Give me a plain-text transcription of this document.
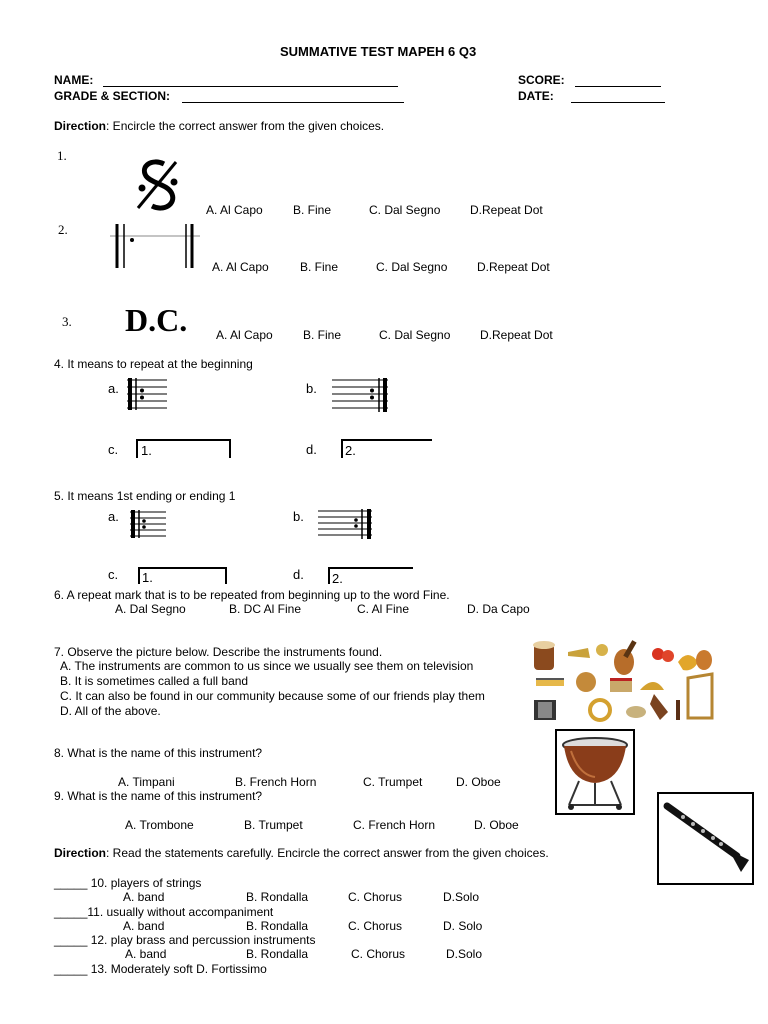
SUMMATIVE TEST MAPEH 6 Q3
NAME:	SCORE:
GRADE & SECTION:	DATE:
Direction: Encircle the correct answer from the given choices.
1.
A. Al Capo	B. Fine	C. Dal Segno D.Repeat Dot
2.
A. Al Capo	B. Fine	C. Dal Segno D.Repeat Dot
3. D.C. A. Al Capo	B. Fine	C. Dal Segno D.Repeat Dot
4. It means to repeat at the beginning
a.	b.
c. 1.	d. 2.
5. It means 1st ending or ending 1
a.	b.
c. 1.	d. 2.
6. A repeat mark that is to be repeated from beginning up to the word Fine.
A. Dal Segno	B. DC Al Fine	C. Al Fine	D. Da Capo
7. Observe the picture below. Describe the instruments found.
A. The instruments are common to us since we usually see them on television
B. It is sometimes called a full band
C. It can also be found in our community because some of our friends play them
D. All of the above.
8. What is the name of this instrument?
A. Timpani	B. French Horn	C. Trumpet	D. Oboe
9. What is the name of this instrument?
A. Trombone	B. Trumpet	C. French Horn	D. Oboe
Direction: Read the statements carefully. Encircle the correct answer from the given choices.
_____ 10. players of strings
A. band	B. Rondalla	C. Chorus	D.Solo
_____11. usually without accompaniment
A. band	B. Rondalla	C. Chorus	D. Solo
_____ 12. play brass and percussion instruments
A. band	B. Rondalla	C. Chorus	D.Solo
_____ 13. Moderately soft D. Fortissimo
